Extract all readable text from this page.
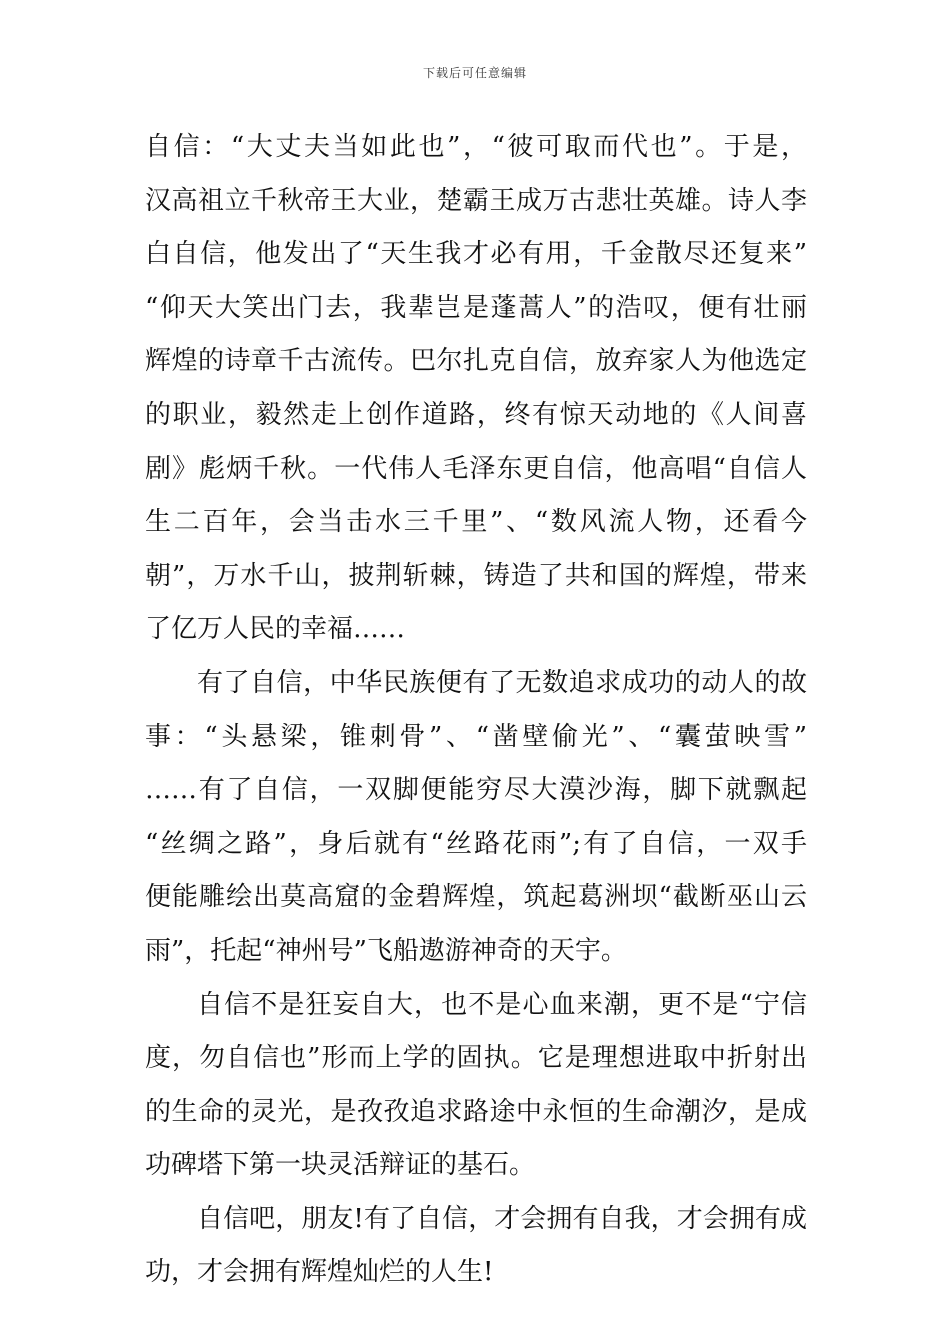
下载后可任意编辑
自信：“大丈夫当如此也”，“彼可取而代也”。于是，
汉高祖立千秋帝王大业，楚霸王成万古悲壮英雄。诗人李
白自信，他发出了“天生我才必有用，千金散尽还复来”
“仰天大笑出门去，我辈岂是蓬蒿人”的浩叹，便有壮丽
辉煌的诗章千古流传。巴尔扎克自信，放弃家人为他选定
的职业，毅然走上创作道路，终有惊天动地的《人间喜
剧》彪炳千秋。一代伟人毛泽东更自信，他高唱“自信人
生二百年，会当击水三千里”、“数风流人物，还看今
朝”，万水千山，披荆斩棘，铸造了共和国的辉煌，带来
了亿万人民的幸福……
有了自信，中华民族便有了无数追求成功的动人的故
事：“头悬梁，锥刺骨”、“凿壁偷光”、“囊萤映雪”
……有了自信，一双脚便能穷尽大漠沙海，脚下就飘起
“丝绸之路”，身后就有“丝路花雨”;有了自信，一双手
便能雕绘出莫高窟的金碧辉煌，筑起葛洲坝“截断巫山云
雨”，托起“神州号”飞船遨游神奇的天宇。
自信不是狂妄自大，也不是心血来潮，更不是“宁信
度，勿自信也”形而上学的固执。它是理想进取中折射出
的生命的灵光，是孜孜追求路途中永恒的生命潮汐，是成
功碑塔下第一块灵活辩证的基石。
自信吧，朋友!有了自信，才会拥有自我，才会拥有成
功，才会拥有辉煌灿烂的人生!
